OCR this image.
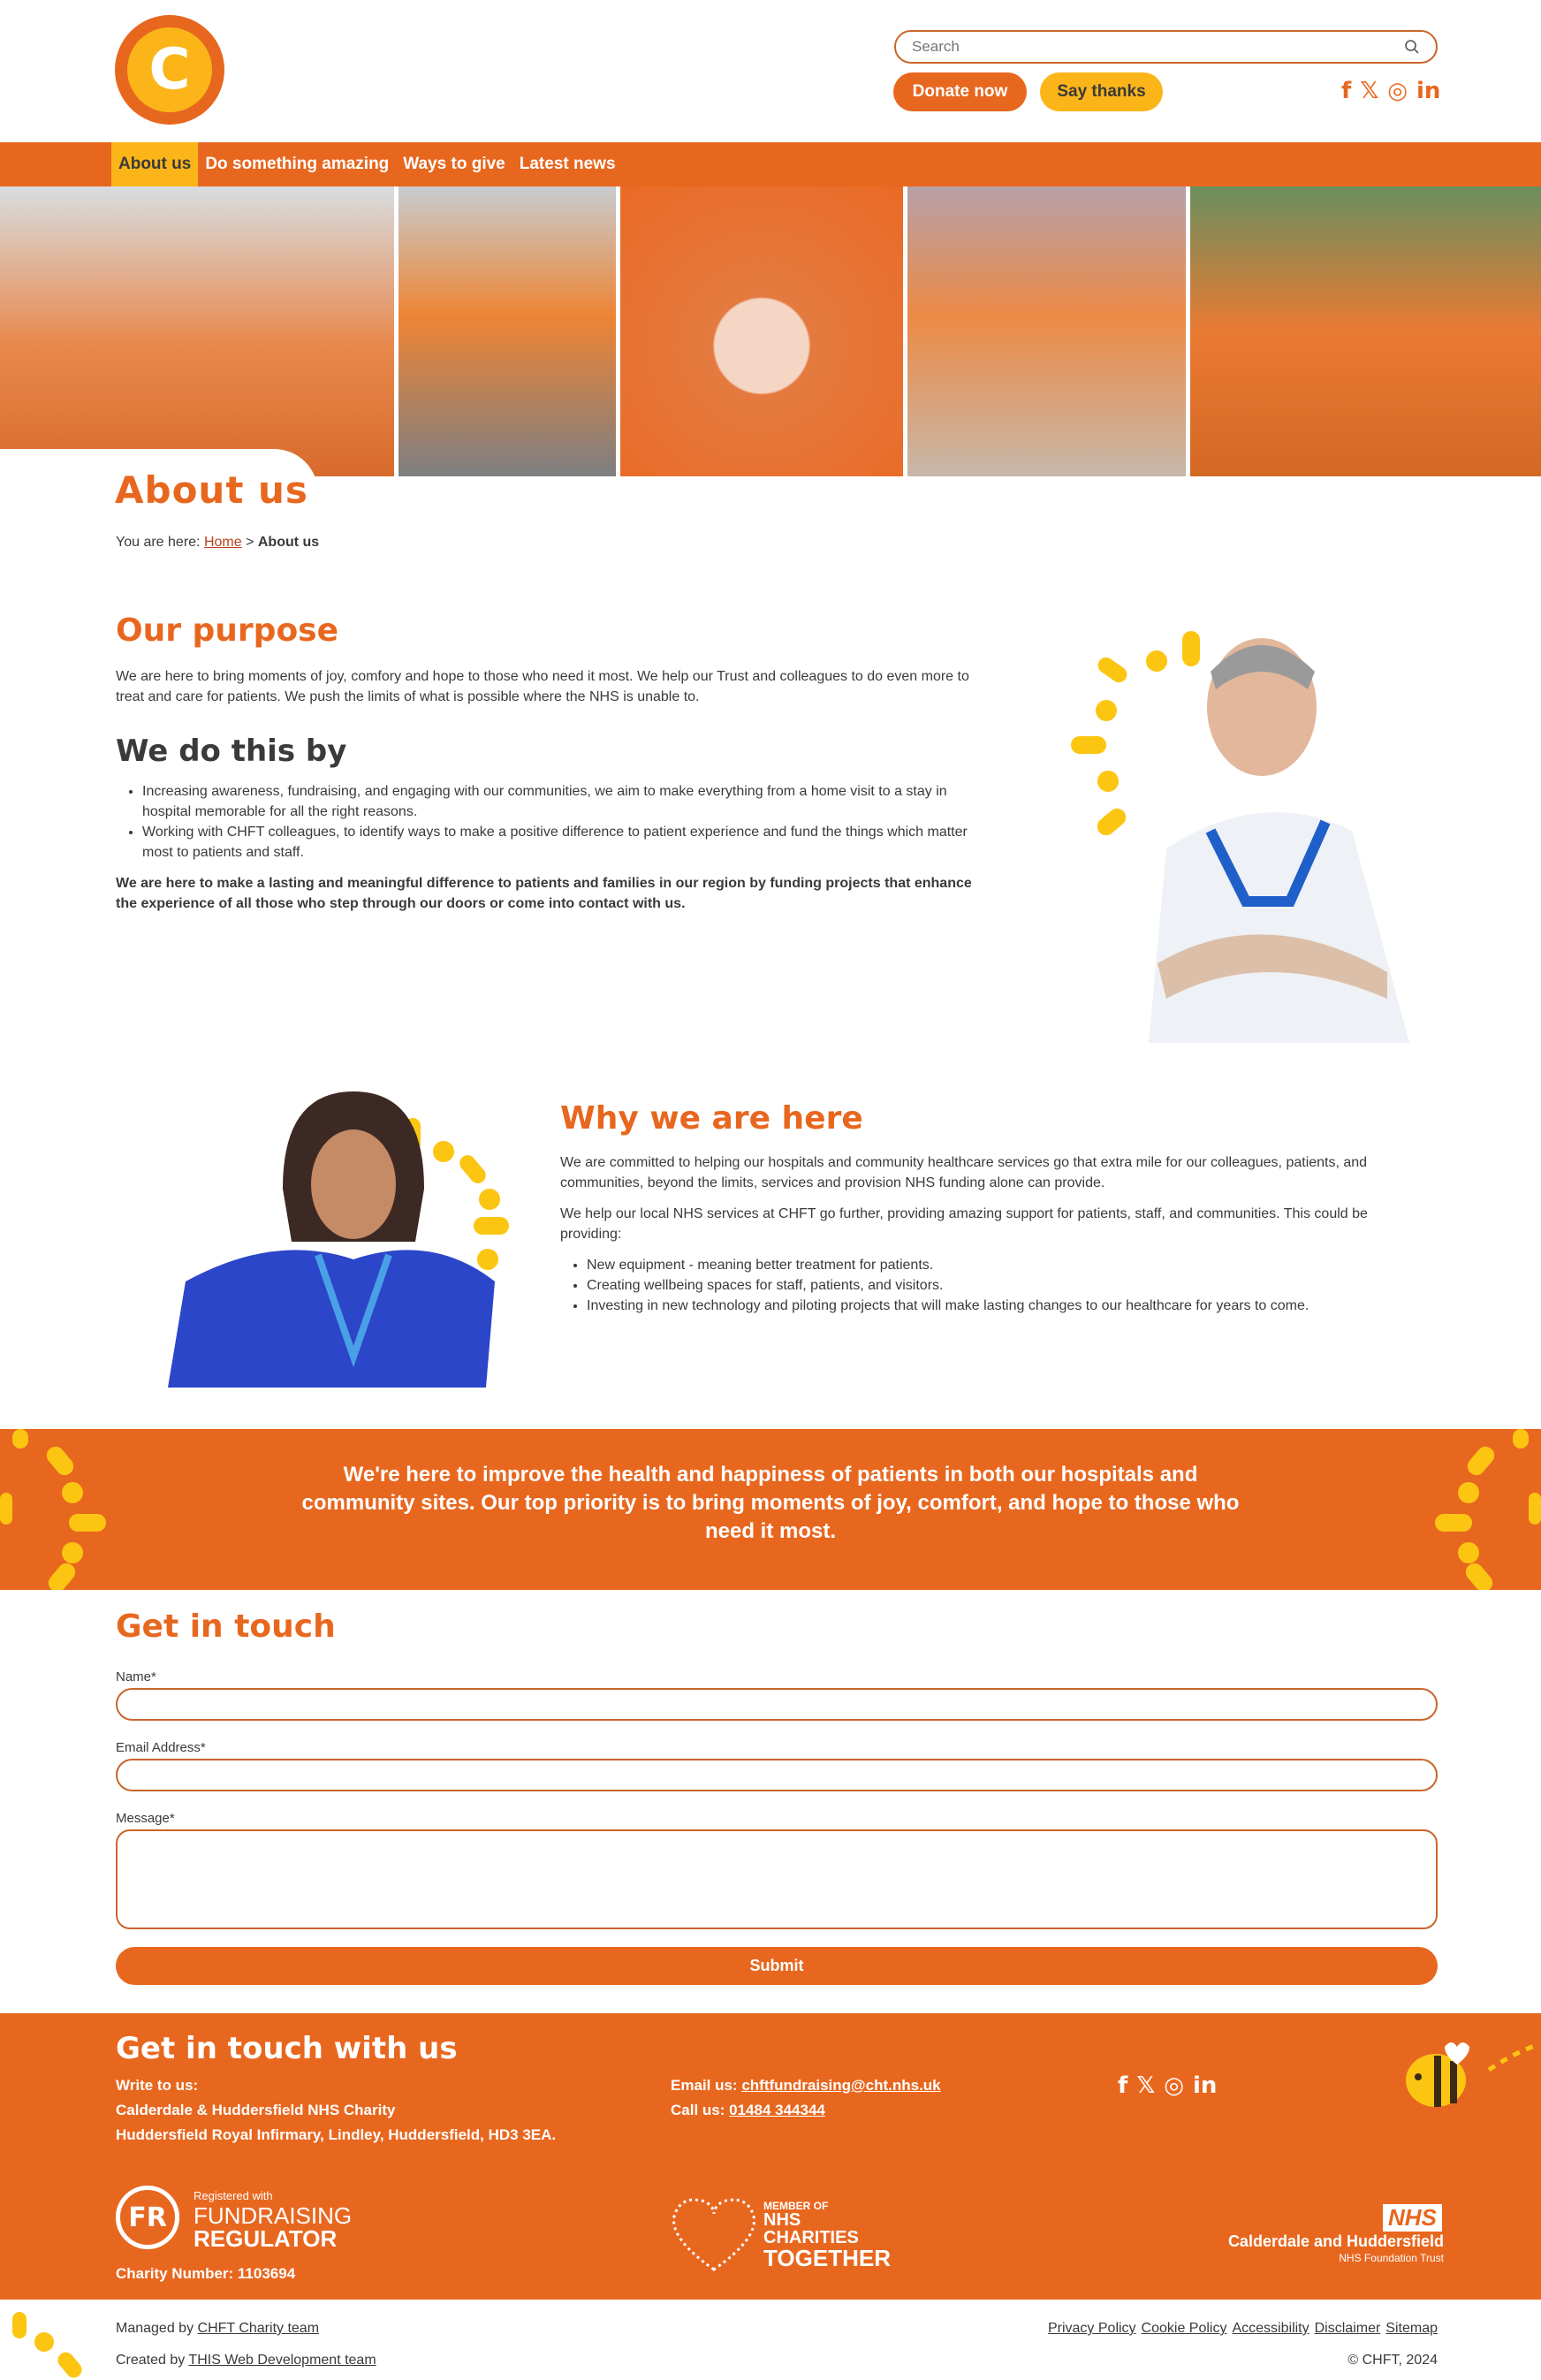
C
Search	Donate now	Say thanks	f 𝕏 ◎ in
About us Do something amazing Ways to give Latest news
About us
You are here: Home > About us
Our purpose

We are here to bring moments of joy, comfory and hope to those who need it most. We help our Trust and colleagues to do even more to treat and care for patients. We push the limits of what is possible where the NHS is unable to.

We do this by
• Increasing awareness, fundraising, and engaging with our communities, we aim to make everything from a home visit to a stay in hospital memorable for all the right reasons.
• Working with CHFT colleagues, to identify ways to make a positive difference to patient experience and fund the things which matter most to patients and staff.

We are here to make a lasting and meaningful difference to patients and families in our region by funding projects that enhance the experience of all those who step through our doors or come into contact with us.

Why we are here

We are committed to helping our hospitals and community healthcare services go that extra mile for our colleagues, patients, and communities, beyond the limits, services and provision NHS funding alone can provide.

We help our local NHS services at CHFT go further, providing amazing support for patients, staff, and communities. This could be providing:

• New equipment - meaning better treatment for patients.
• Creating wellbeing spaces for staff, patients, and visitors.
• Investing in new technology and piloting projects that will make lasting changes to our healthcare for years to come.
We're here to improve the health and happiness of patients in both our hospitals and community sites. Our top priority is to bring moments of joy, comfort, and hope to those who need it most.
Get in touch
Name*
Email Address*
Message*
Submit
Get in touch with us
Write to us:
Calderdale & Huddersfield NHS Charity
Huddersfield Royal Infirmary, Lindley, Huddersfield, HD3 3EA.
Email us: chftfundraising@cht.nhs.uk
Call us: 01484 344344
f 𝕏 ◎ in
FR
Registered with
FUNDRAISING
REGULATOR
Charity Number: 1103694
MEMBER OF
NHS
CHARITIES
TOGETHER
NHS
Calderdale and Huddersfield
NHS Foundation Trust
Managed by CHFT Charity team
Created by THIS Web Development team
Privacy Policy Cookie Policy Accessibility Disclaimer Sitemap
© CHFT, 2024
